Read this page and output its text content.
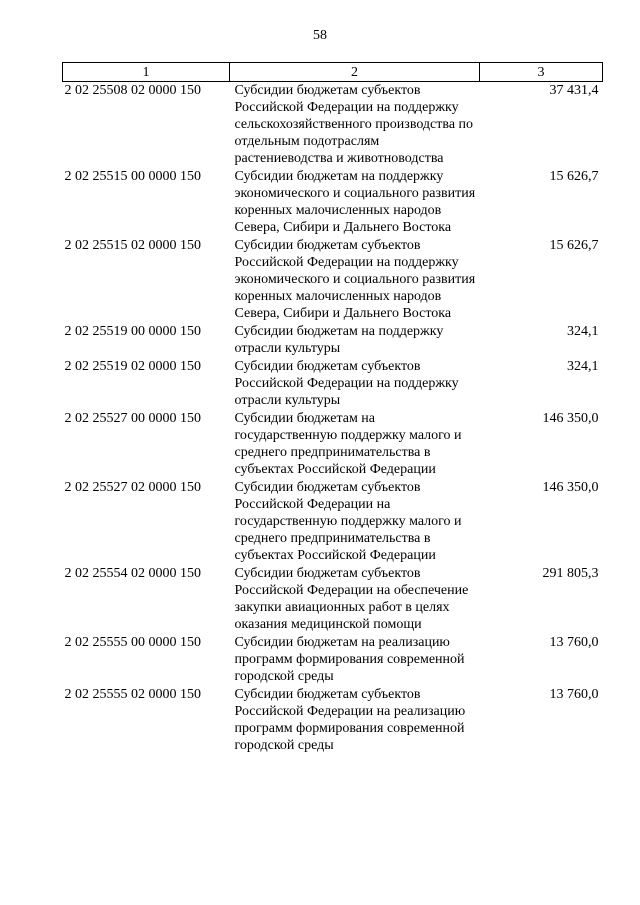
58
1	2	3
2 02 25508 02 0000 150	Субсидии бюджетам субъектов Российской Федерации на поддержку сельскохозяйственного производства по отдельным подотраслям растениеводства и животноводства	37 431,4
2 02 25515 00 0000 150	Субсидии бюджетам на поддержку экономического и социального развития коренных малочисленных народов Севера, Сибири и Дальнего Востока	15 626,7
2 02 25515 02 0000 150	Субсидии бюджетам субъектов Российской Федерации на поддержку экономического и социального развития коренных малочисленных народов Севера, Сибири и Дальнего Востока	15 626,7
2 02 25519 00 0000 150	Субсидии бюджетам на поддержку отрасли культуры	324,1
2 02 25519 02 0000 150	Субсидии бюджетам субъектов Российской Федерации на поддержку отрасли культуры	324,1
2 02 25527 00 0000 150	Субсидии бюджетам на государственную поддержку малого и среднего предпринимательства в субъектах Российской Федерации	146 350,0
2 02 25527 02 0000 150	Субсидии бюджетам субъектов Российской Федерации на государственную поддержку малого и среднего предпринимательства в субъектах Российской Федерации	146 350,0
2 02 25554 02 0000 150	Субсидии бюджетам субъектов Российской Федерации на обеспечение закупки авиационных работ в целях оказания медицинской помощи	291 805,3
2 02 25555 00 0000 150	Субсидии бюджетам на реализацию программ формирования современной городской среды	13 760,0
2 02 25555 02 0000 150	Субсидии бюджетам субъектов Российской Федерации на реализацию программ формирования современной городской среды	13 760,0
